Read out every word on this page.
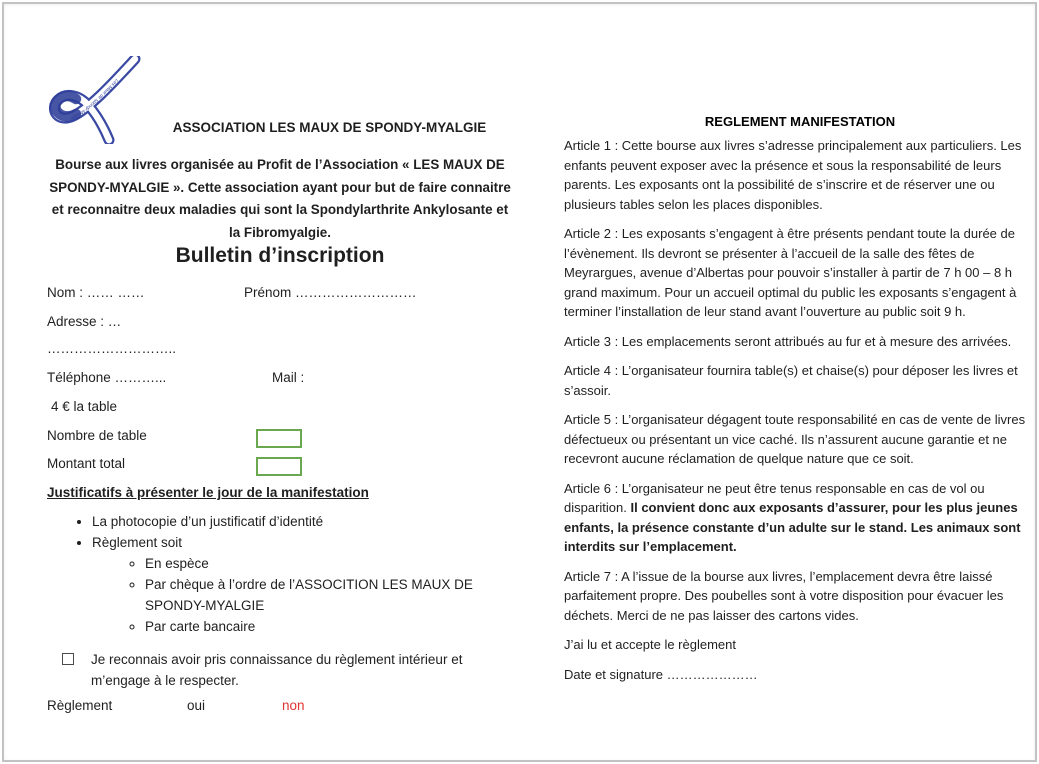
Les Maux de Spondy-Myalgie
ASSOCIATION LES MAUX DE SPONDY-MYALGIE
Bourse aux livres organisée au Profit de l’Association « LES MAUX DE SPONDY-MYALGIE ». Cette association ayant pour but de faire connaitre et reconnaitre deux maladies qui sont la Spondylarthrite Ankylosante et la Fibromyalgie.
Bulletin d’inscription
Nom : …… ……	Prénom ………………………
Adresse : …
………………………..
Téléphone ………...	Mail :
4 € la table
Nombre de table
Montant total
Justificatifs à présenter le jour de la manifestation
• La photocopie d’un justificatif d’identité
• Règlement soit
◦ En espèce
◦ Par chèque à l’ordre de l’ASSOCITION LES MAUX DE SPONDY-MYALGIE
◦ Par carte bancaire
Je reconnais avoir pris connaissance du règlement intérieur et m’engage à le respecter.
Règlement	oui	non
REGLEMENT MANIFESTATION

Article 1 : Cette bourse aux livres s’adresse principalement aux particuliers. Les enfants peuvent exposer avec la présence et sous la responsabilité de leurs parents. Les exposants ont la possibilité de s’inscrire et de réserver une ou plusieurs tables selon les places disponibles.

Article 2 : Les exposants s’engagent à être présents pendant toute la durée de l’évènement. Ils devront se présenter à l’accueil de la salle des fêtes de Meyrargues, avenue d’Albertas pour pouvoir s’installer à partir de 7 h 00 – 8 h grand maximum. Pour un accueil optimal du public les exposants s’engagent à terminer l’installation de leur stand avant l’ouverture au public soit 9 h.

Article 3 : Les emplacements seront attribués au fur et à mesure des arrivées.

Article 4 : L’organisateur fournira table(s) et chaise(s) pour déposer les livres et s’assoir.

Article 5 : L’organisateur dégagent toute responsabilité en cas de vente de livres défectueux ou présentant un vice caché. Ils n’assurent aucune garantie et ne recevront aucune réclamation de quelque nature que ce soit.

Article 6 : L’organisateur ne peut être tenus responsable en cas de vol ou disparition. Il convient donc aux exposants d’assurer, pour les plus jeunes enfants, la présence constante d’un adulte sur le stand. Les animaux sont interdits sur l’emplacement.

Article 7 : A l’issue de la bourse aux livres, l’emplacement devra être laissé parfaitement propre. Des poubelles sont à votre disposition pour évacuer les déchets. Merci de ne pas laisser des cartons vides.

J’ai lu et accepte le règlement

Date et signature …………………
